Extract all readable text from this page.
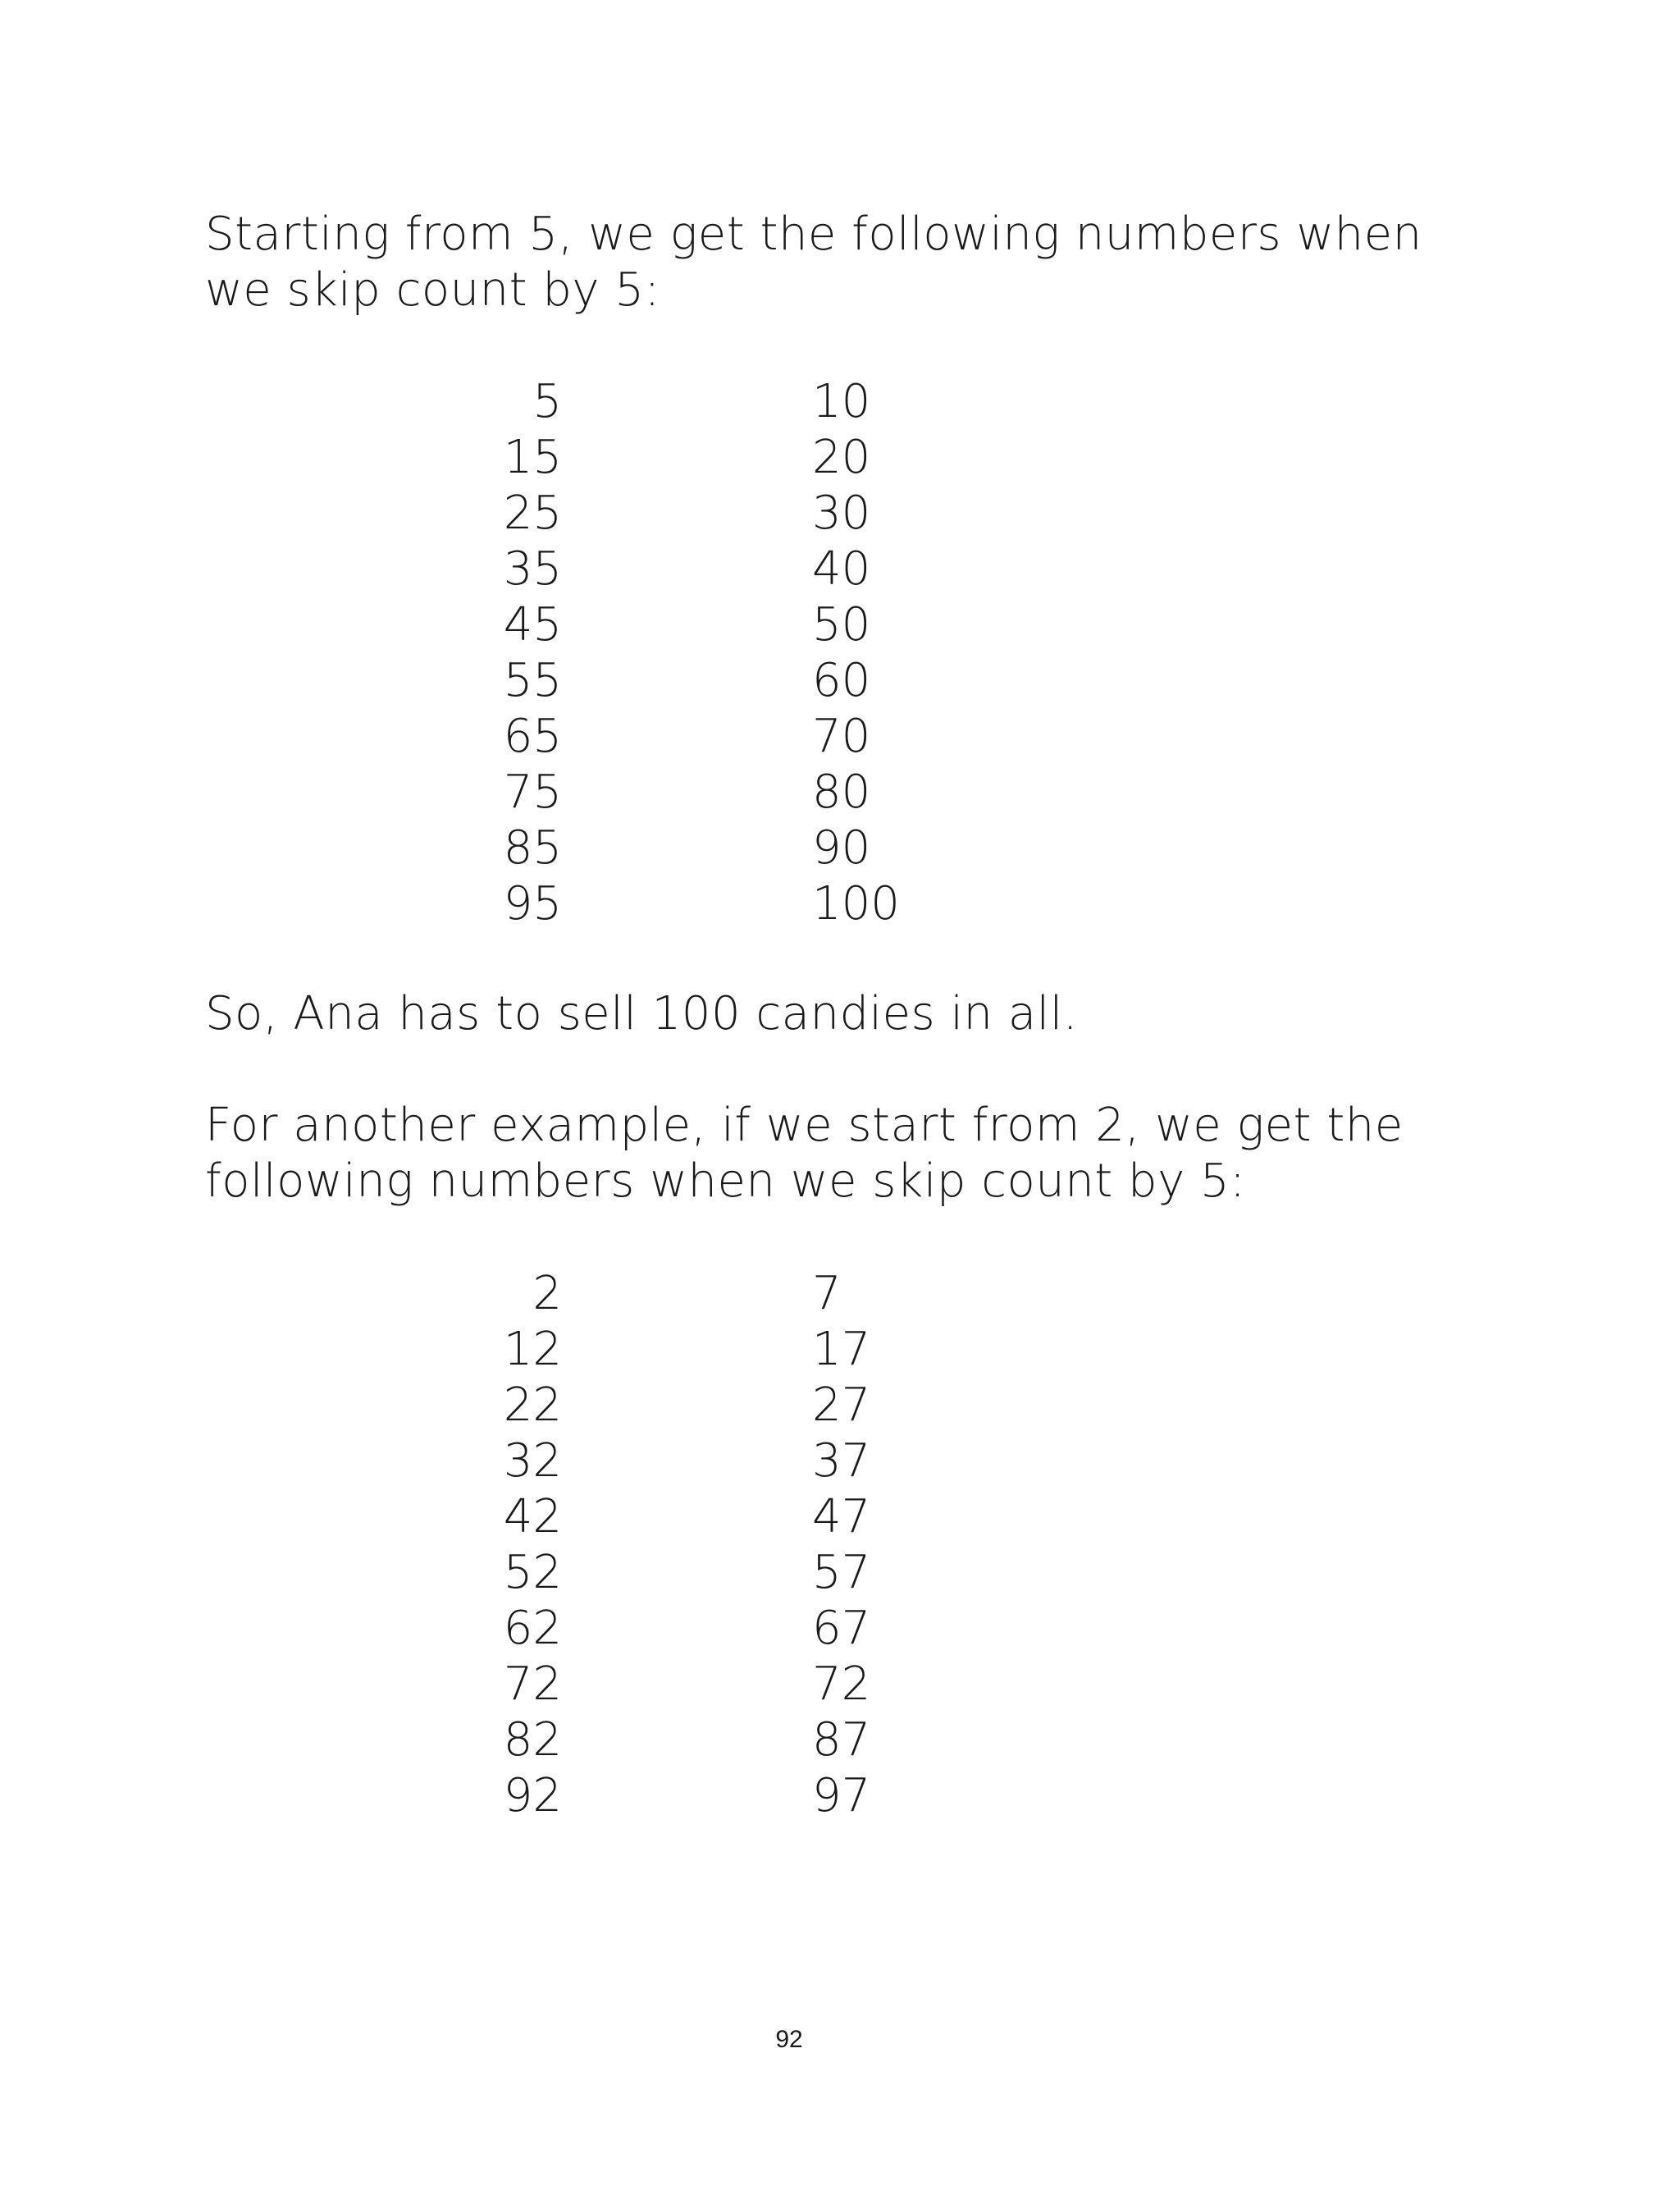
Starting from 5, we get the following numbers when
we skip count by 5:
5	10
15	20
25	30
35	40
45	50
55	60
65	70
75	80
85	90
95	100
So, Ana has to sell 100 candies in all.
For another example, if we start from 2, we get the
following numbers when we skip count by 5:
2	7
12	17
22	27
32	37
42	47
52	57
62	67
72	72
82	87
92	97
92
